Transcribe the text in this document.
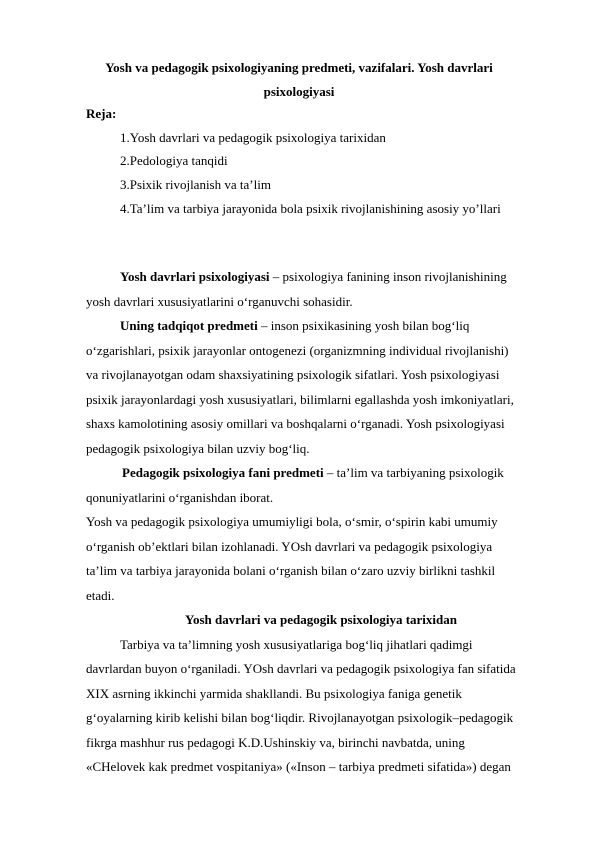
Yosh va pedagogik psixologiyaning predmeti, vazifalari. Yosh davrlari
psixologiyasi
Reja:
1.Yosh davrlari va pedagogik psixologiya tarixidan
2.Pedologiya tanqidi
3.Psixik rivojlanish va ta’lim
4.Ta’lim va tarbiya jarayonida bola psixik rivojlanishining asosiy yo’llari
Yosh davrlari psixologiyasi – psixologiya fanining inson rivojlanishining
yosh davrlari xususiyatlarini o‘rganuvchi sohasidir.
Uning tadqiqot predmeti – inson psixikasining yosh bilan bog‘liq
o‘zgarishlari, psixik jarayonlar ontogenezi (organizmning individual rivojlanishi)
va rivojlanayotgan odam shaxsiyatining psixologik sifatlari. Yosh psixologiyasi
psixik jarayonlardagi yosh xususiyatlari, bilimlarni egallashda yosh imkoniyatlari,
shaxs kamolotining asosiy omillari va boshqalarni o‘rganadi. Yosh psixologiyasi
pedagogik psixologiya bilan uzviy bog‘liq.
Pedagogik psixologiya fani predmeti – ta’lim va tarbiyaning psixologik
qonuniyatlarini o‘rganishdan iborat.
Yosh va pedagogik psixologiya umumiyligi bola, o‘smir, o‘spirin kabi umumiy
o‘rganish ob’ektlari bilan izohlanadi. YOsh davrlari va pedagogik psixologiya
ta’lim va tarbiya jarayonida bolani o‘rganish bilan o‘zaro uzviy birlikni tashkil
etadi.
Yosh davrlari va pedagogik psixologiya tarixidan
Tarbiya va ta’limning yosh xususiyatlariga bog‘liq jihatlari qadimgi
davrlardan buyon o‘rganiladi. YOsh davrlari va pedagogik psixologiya fan sifatida
XIX asrning ikkinchi yarmida shakllandi. Bu psixologiya faniga genetik
g‘oyalarning kirib kelishi bilan bog‘liqdir. Rivojlanayotgan psixologik–pedagogik
fikrga mashhur rus pedagogi K.D.Ushinskiy va, birinchi navbatda, uning
«CHelovek kak predmet vospitaniya» («Inson – tarbiya predmeti sifatida») degan
